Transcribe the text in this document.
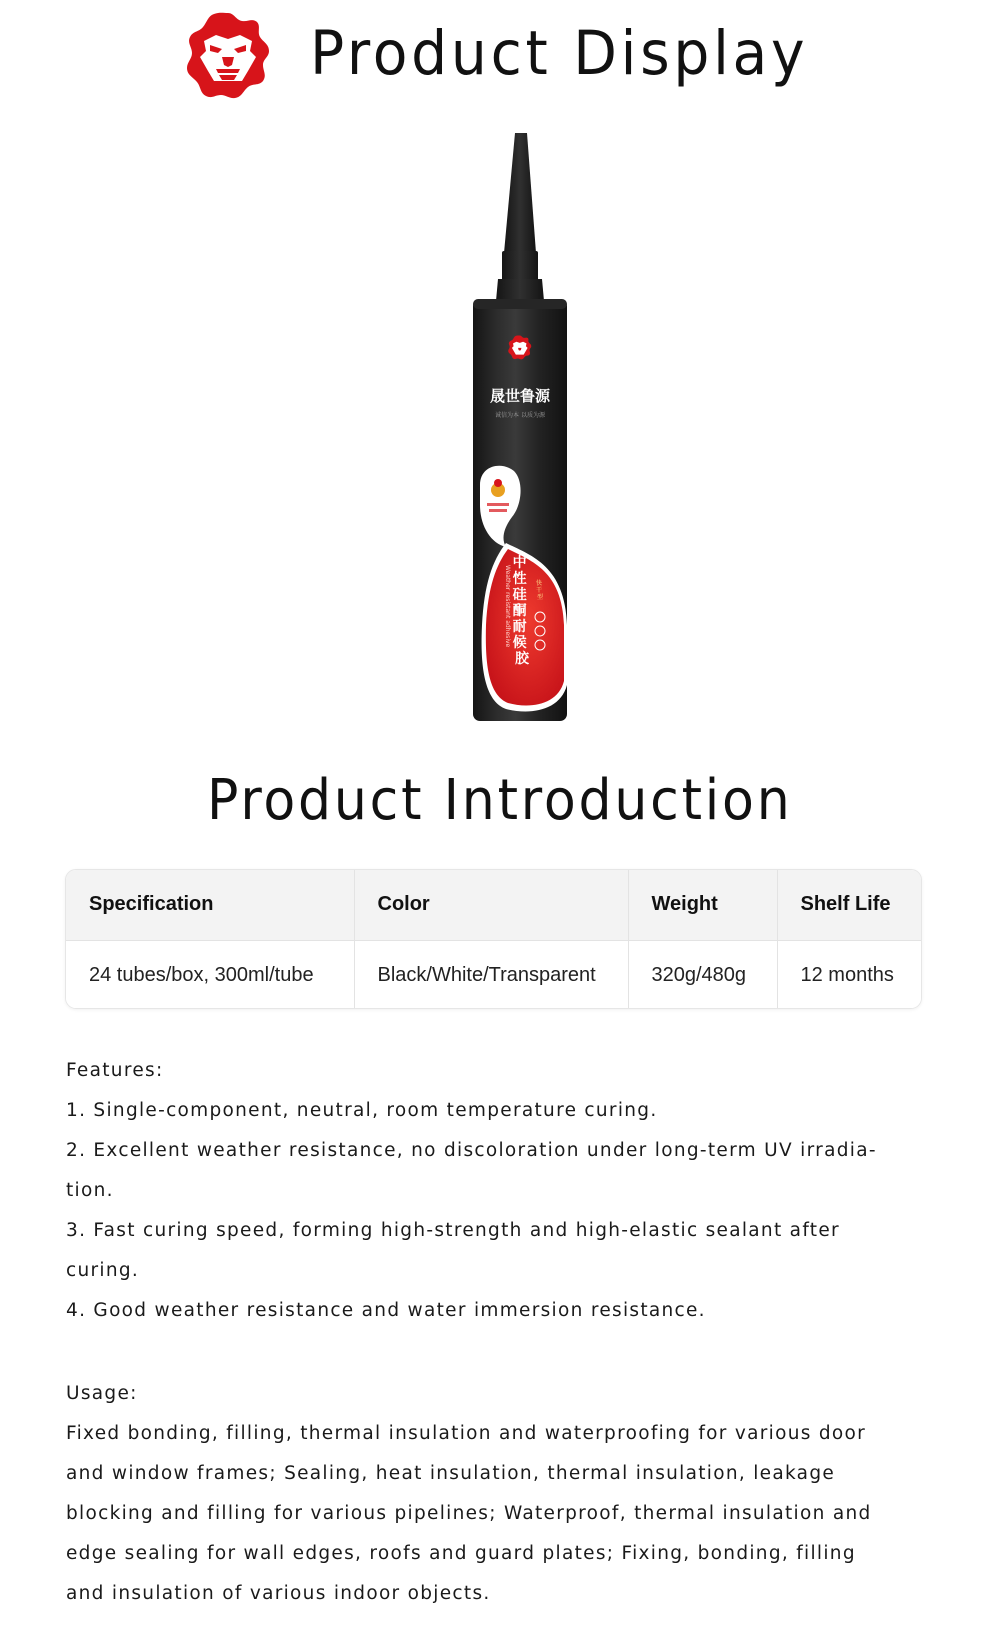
Product Display
晟世鲁源
诚信为本 以质为源
中 性 硅 酮 耐 候 胶
Weather resistant adhesive	快 干 型
Product Introduction
Specification	Color	Weight	Shelf Life
24 tubes/box, 300ml/tube	Black/White/Transparent	320g/480g	12 months

Features:

1. Single-component, neutral, room temperature curing.

2. Excellent weather resistance, no discoloration under long-term UV irradia-

tion.

3. Fast curing speed, forming high-strength and high-elastic sealant after

curing.

4. Good weather resistance and water immersion resistance.

Usage:

Fixed bonding, filling, thermal insulation and waterproofing for various door

and window frames; Sealing, heat insulation, thermal insulation, leakage

blocking and filling for various pipelines; Waterproof, thermal insulation and

edge sealing for wall edges, roofs and guard plates; Fixing, bonding, filling

and insulation of various indoor objects.
